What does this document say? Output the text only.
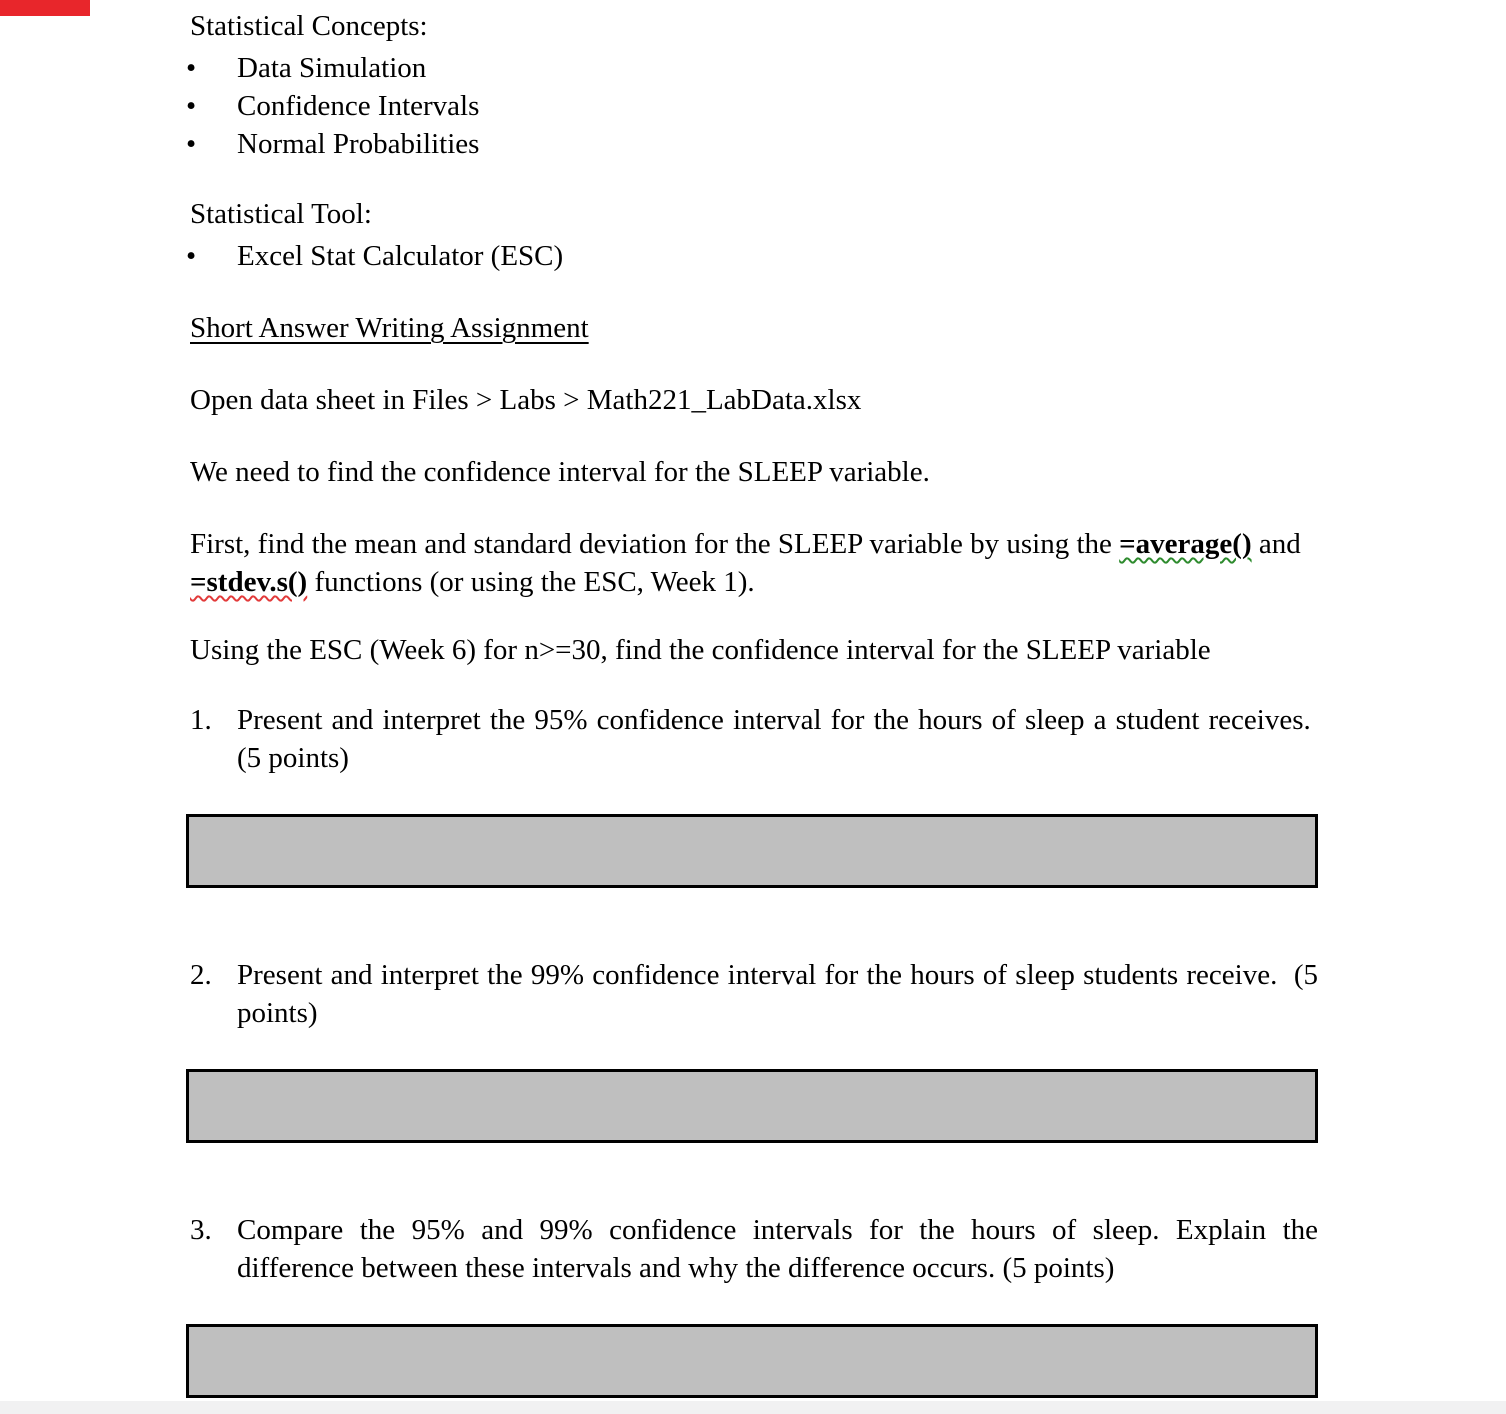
Statistical Concepts:

• Data Simulation
• Confidence Intervals
• Normal Probabilities

Statistical Tool:

• Excel Stat Calculator (ESC)

Short Answer Writing Assignment

Open data sheet in Files > Labs > Math221_LabData.xlsx

We need to find the confidence interval for the SLEEP variable.

First, find the mean and standard deviation for the SLEEP variable by using the =average() and =stdev.s() functions (or using the ESC, Week 1).

Using the ESC (Week 6) for n>=30, find the confidence interval for the SLEEP variable

1. Present and interpret the 95% confidence interval for the hours of sleep a student receives.  (5 points)
2. Present and interpret the 99% confidence interval for the hours of sleep students receive.  (5 points)
3. Compare the 95% and 99% confidence intervals for the hours of sleep. Explain the difference between these intervals and why the difference occurs. (5 points)
